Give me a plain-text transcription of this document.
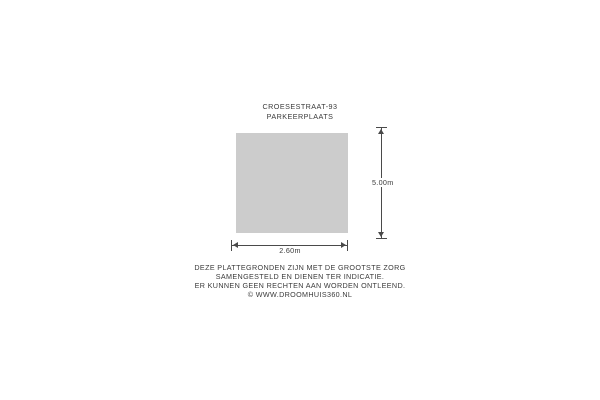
CROESESTRAAT-93
PARKEERPLAATS
5.00m
2.60m
DEZE PLATTEGRONDEN ZIJN MET DE GROOTSTE ZORG
SAMENGESTELD EN DIENEN TER INDICATIE.
ER KUNNEN GEEN RECHTEN AAN WORDEN ONTLEEND.
© WWW.DROOMHUIS360.NL
